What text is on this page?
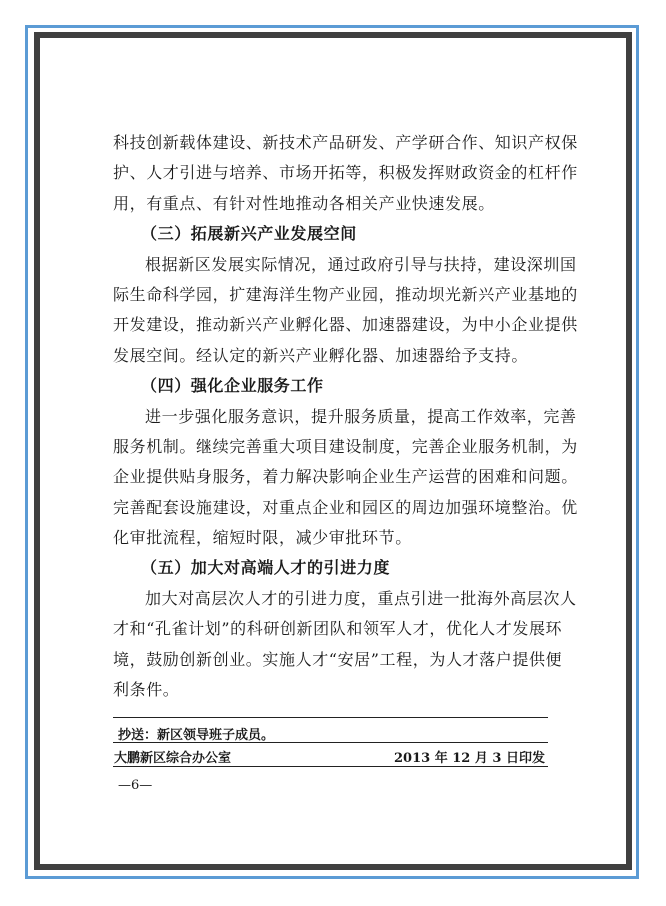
科技创新载体建设、新技术产品研发、产学研合作、知识产权保
护、人才引进与培养、市场开拓等，积极发挥财政资金的杠杆作
用，有重点、有针对性地推动各相关产业快速发展。
（三）拓展新兴产业发展空间
根据新区发展实际情况，通过政府引导与扶持，建设深圳国
际生命科学园，扩建海洋生物产业园，推动坝光新兴产业基地的
开发建设，推动新兴产业孵化器、加速器建设，为中小企业提供
发展空间。经认定的新兴产业孵化器、加速器给予支持。
（四）强化企业服务工作
进一步强化服务意识，提升服务质量，提高工作效率，完善
服务机制。继续完善重大项目建设制度，完善企业服务机制，为
企业提供贴身服务，着力解决影响企业生产运营的困难和问题。
完善配套设施建设，对重点企业和园区的周边加强环境整治。优
化审批流程，缩短时限，减少审批环节。
（五）加大对高端人才的引进力度
加大对高层次人才的引进力度，重点引进一批海外高层次人
才和“孔雀计划”的科研创新团队和领军人才，优化人才发展环
境，鼓励创新创业。实施人才“安居”工程，为人才落户提供便
利条件。
抄送：新区领导班子成员。
大鹏新区综合办公室	2013 年 12 月 3 日印发
—6—
